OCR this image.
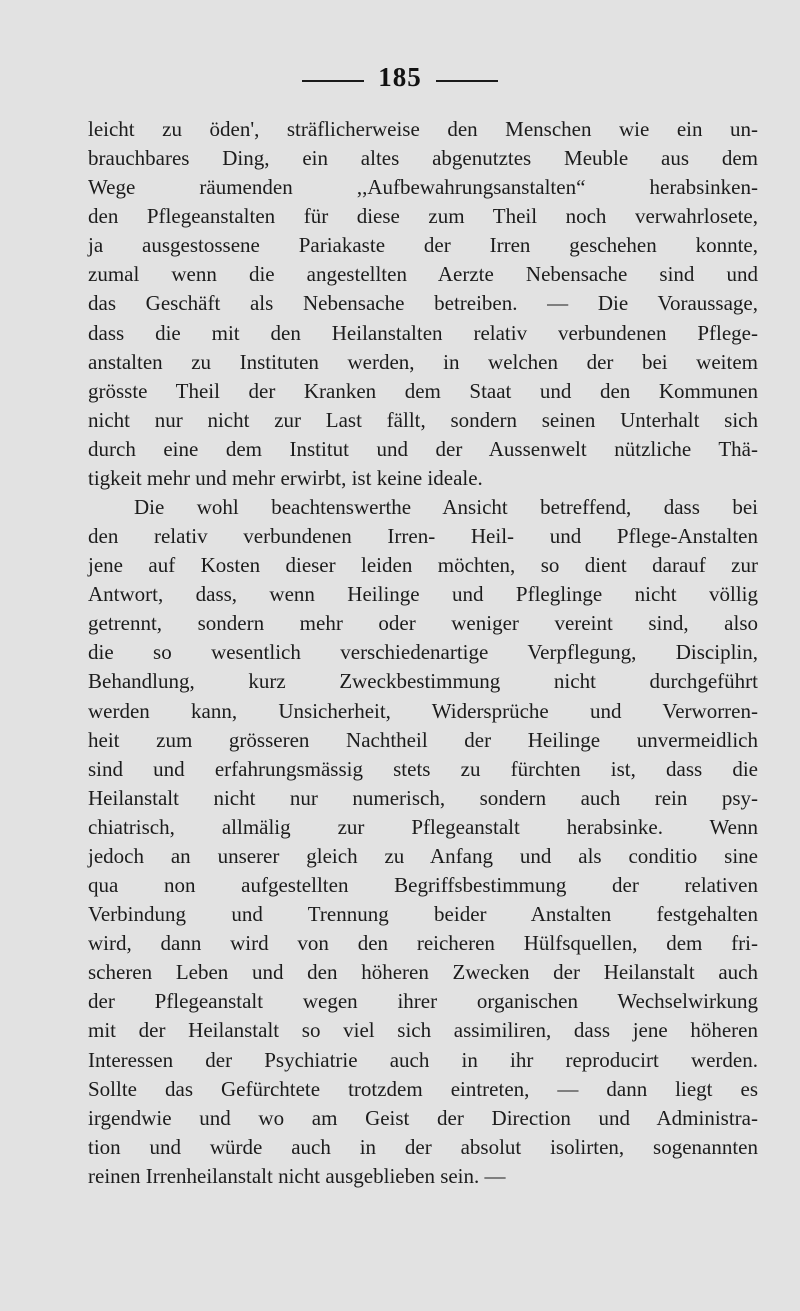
185
leicht zu öden', sträflicherweise den Menschen wie ein un-
brauchbares Ding, ein altes abgenutztes Meuble aus dem
Wege räumenden ,,Aufbewahrungsanstalten“ herabsinken-
den Pflegeanstalten für diese zum Theil noch verwahrlosete,
ja ausgestossene Pariakaste der Irren geschehen konnte,
zumal wenn die angestellten Aerzte Nebensache sind und
das Geschäft als Nebensache betreiben. — Die Voraussage,
dass die mit den Heilanstalten relativ verbundenen Pflege-
anstalten zu Instituten werden, in welchen der bei weitem
grösste Theil der Kranken dem Staat und den Kommunen
nicht nur nicht zur Last fällt, sondern seinen Unterhalt sich
durch eine dem Institut und der Aussenwelt nützliche Thä-
tigkeit mehr und mehr erwirbt, ist keine ideale.
Die wohl beachtenswerthe Ansicht betreffend, dass bei
den relativ verbundenen Irren- Heil- und Pflege-Anstalten
jene auf Kosten dieser leiden möchten, so dient darauf zur
Antwort, dass, wenn Heilinge und Pfleglinge nicht völlig
getrennt, sondern mehr oder weniger vereint sind, also
die so wesentlich verschiedenartige Verpflegung, Disciplin,
Behandlung, kurz Zweckbestimmung nicht durchgeführt
werden kann, Unsicherheit, Widersprüche und Verworren-
heit zum grösseren Nachtheil der Heilinge unvermeidlich
sind und erfahrungsmässig stets zu fürchten ist, dass die
Heilanstalt nicht nur numerisch, sondern auch rein psy-
chiatrisch, allmälig zur Pflegeanstalt herabsinke. Wenn
jedoch an unserer gleich zu Anfang und als conditio sine
qua non aufgestellten Begriffsbestimmung der relativen
Verbindung und Trennung beider Anstalten festgehalten
wird, dann wird von den reicheren Hülfsquellen, dem fri-
scheren Leben und den höheren Zwecken der Heilanstalt auch
der Pflegeanstalt wegen ihrer organischen Wechselwirkung
mit der Heilanstalt so viel sich assimiliren, dass jene höheren
Interessen der Psychiatrie auch in ihr reproducirt werden.
Sollte das Gefürchtete trotzdem eintreten, — dann liegt es
irgendwie und wo am Geist der Direction und Administra-
tion und würde auch in der absolut isolirten, sogenannten
reinen Irrenheilanstalt nicht ausgeblieben sein. —
